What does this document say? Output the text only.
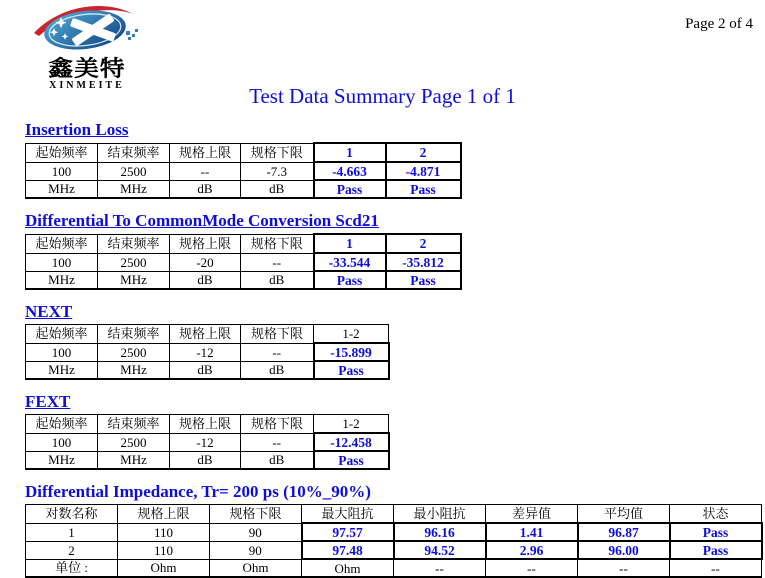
鑫美特
XINMEITE
Page 2 of 4
Test Data Summary Page 1 of 1
Insertion Loss
起始频率	结束频率	规格上限	规格下限	1	2
100	2500	--	-7.3	-4.663	-4.871
MHz	MHz	dB	dB	Pass	Pass
Differential To CommonMode Conversion Scd21
起始频率	结束频率	规格上限	规格下限	1	2
100	2500	-20	--	-33.544	-35.812
MHz	MHz	dB	dB	Pass	Pass
NEXT
起始频率	结束频率	规格上限	规格下限	1-2
100	2500	-12	--	-15.899
MHz	MHz	dB	dB	Pass
FEXT
起始频率	结束频率	规格上限	规格下限	1-2
100	2500	-12	--	-12.458
MHz	MHz	dB	dB	Pass
Differential Impedance, Tr= 200 ps (10%_90%)
对数名称	规格上限	规格下限	最大阻抗	最小阻抗	差异值	平均值	状态
1	110	90	97.57	96.16	1.41	96.87	Pass
2	110	90	97.48	94.52	2.96	96.00	Pass
单位 :	Ohm	Ohm	Ohm	--	--	--	--
